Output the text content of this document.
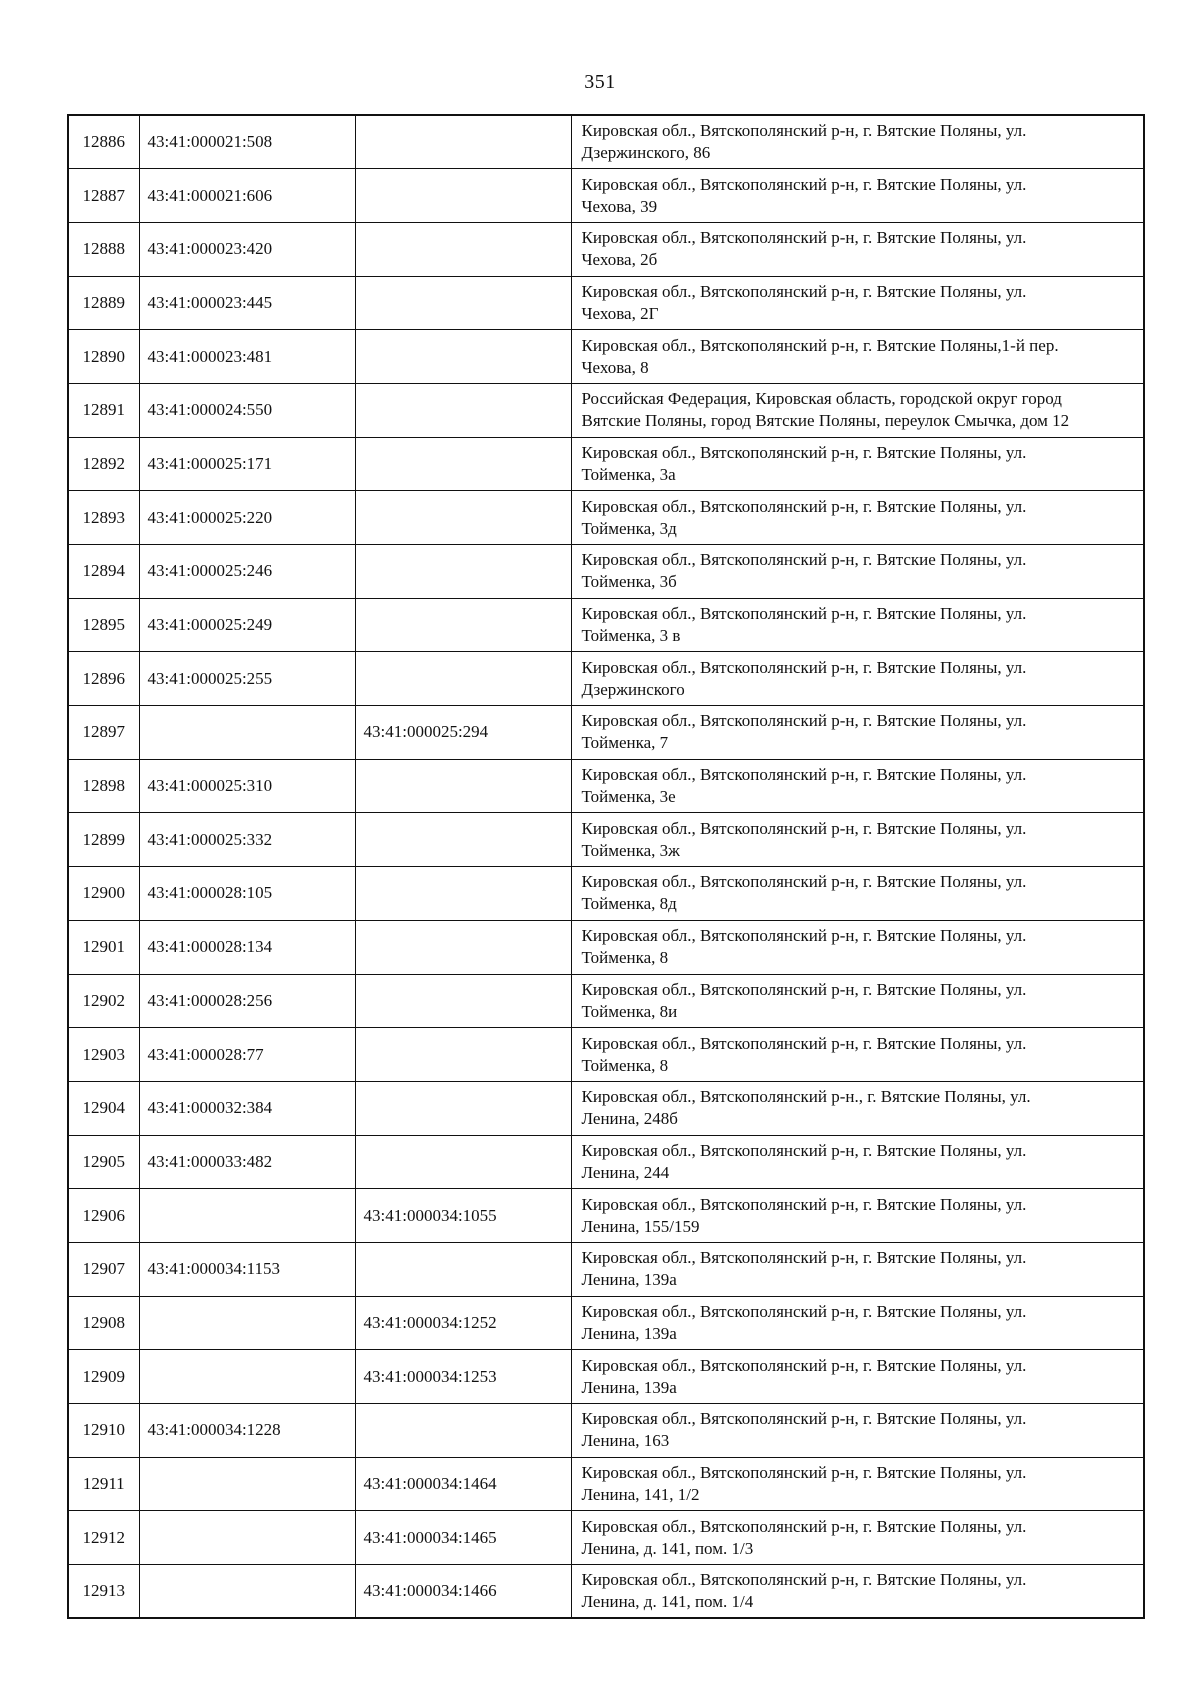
351
12886	43:41:000021:508		Кировская обл., Вятскополянский р-н, г. Вятские Поляны, ул.
Дзержинского, 86
12887	43:41:000021:606		Кировская обл., Вятскополянский р-н, г. Вятские Поляны, ул.
Чехова, 39
12888	43:41:000023:420		Кировская обл., Вятскополянский р-н, г. Вятские Поляны, ул.
Чехова, 2б
12889	43:41:000023:445		Кировская обл., Вятскополянский р-н, г. Вятские Поляны, ул.
Чехова, 2Г
12890	43:41:000023:481		Кировская обл., Вятскополянский р-н, г. Вятские Поляны,1-й пер.
Чехова, 8
12891	43:41:000024:550		Российская Федерация, Кировская область, городской округ город
Вятские Поляны, город Вятские Поляны, переулок Смычка, дом 12
12892	43:41:000025:171		Кировская обл., Вятскополянский р-н, г. Вятские Поляны, ул.
Тойменка, 3а
12893	43:41:000025:220		Кировская обл., Вятскополянский р-н, г. Вятские Поляны, ул.
Тойменка, 3д
12894	43:41:000025:246		Кировская обл., Вятскополянский р-н, г. Вятские Поляны, ул.
Тойменка, 3б
12895	43:41:000025:249		Кировская обл., Вятскополянский р-н, г. Вятские Поляны, ул.
Тойменка, 3 в
12896	43:41:000025:255		Кировская обл., Вятскополянский р-н, г. Вятские Поляны, ул.
Дзержинского
12897		43:41:000025:294	Кировская обл., Вятскополянский р-н, г. Вятские Поляны, ул.
Тойменка, 7
12898	43:41:000025:310		Кировская обл., Вятскополянский р-н, г. Вятские Поляны, ул.
Тойменка, 3е
12899	43:41:000025:332		Кировская обл., Вятскополянский р-н, г. Вятские Поляны, ул.
Тойменка, 3ж
12900	43:41:000028:105		Кировская обл., Вятскополянский р-н, г. Вятские Поляны, ул.
Тойменка, 8д
12901	43:41:000028:134		Кировская обл., Вятскополянский р-н, г. Вятские Поляны, ул.
Тойменка, 8
12902	43:41:000028:256		Кировская обл., Вятскополянский р-н, г. Вятские Поляны, ул.
Тойменка, 8и
12903	43:41:000028:77		Кировская обл., Вятскополянский р-н, г. Вятские Поляны, ул.
Тойменка, 8
12904	43:41:000032:384		Кировская обл., Вятскополянский р-н., г. Вятские Поляны, ул.
Ленина, 248б
12905	43:41:000033:482		Кировская обл., Вятскополянский р-н, г. Вятские Поляны, ул.
Ленина, 244
12906		43:41:000034:1055	Кировская обл., Вятскополянский р-н, г. Вятские Поляны, ул.
Ленина, 155/159
12907	43:41:000034:1153		Кировская обл., Вятскополянский р-н, г. Вятские Поляны, ул.
Ленина, 139а
12908		43:41:000034:1252	Кировская обл., Вятскополянский р-н, г. Вятские Поляны, ул.
Ленина, 139а
12909		43:41:000034:1253	Кировская обл., Вятскополянский р-н, г. Вятские Поляны, ул.
Ленина, 139а
12910	43:41:000034:1228		Кировская обл., Вятскополянский р-н, г. Вятские Поляны, ул.
Ленина, 163
12911		43:41:000034:1464	Кировская обл., Вятскополянский р-н, г. Вятские Поляны, ул.
Ленина, 141, 1/2
12912		43:41:000034:1465	Кировская обл., Вятскополянский р-н, г. Вятские Поляны, ул.
Ленина, д. 141, пом. 1/3
12913		43:41:000034:1466	Кировская обл., Вятскополянский р-н, г. Вятские Поляны, ул.
Ленина, д. 141, пом. 1/4
